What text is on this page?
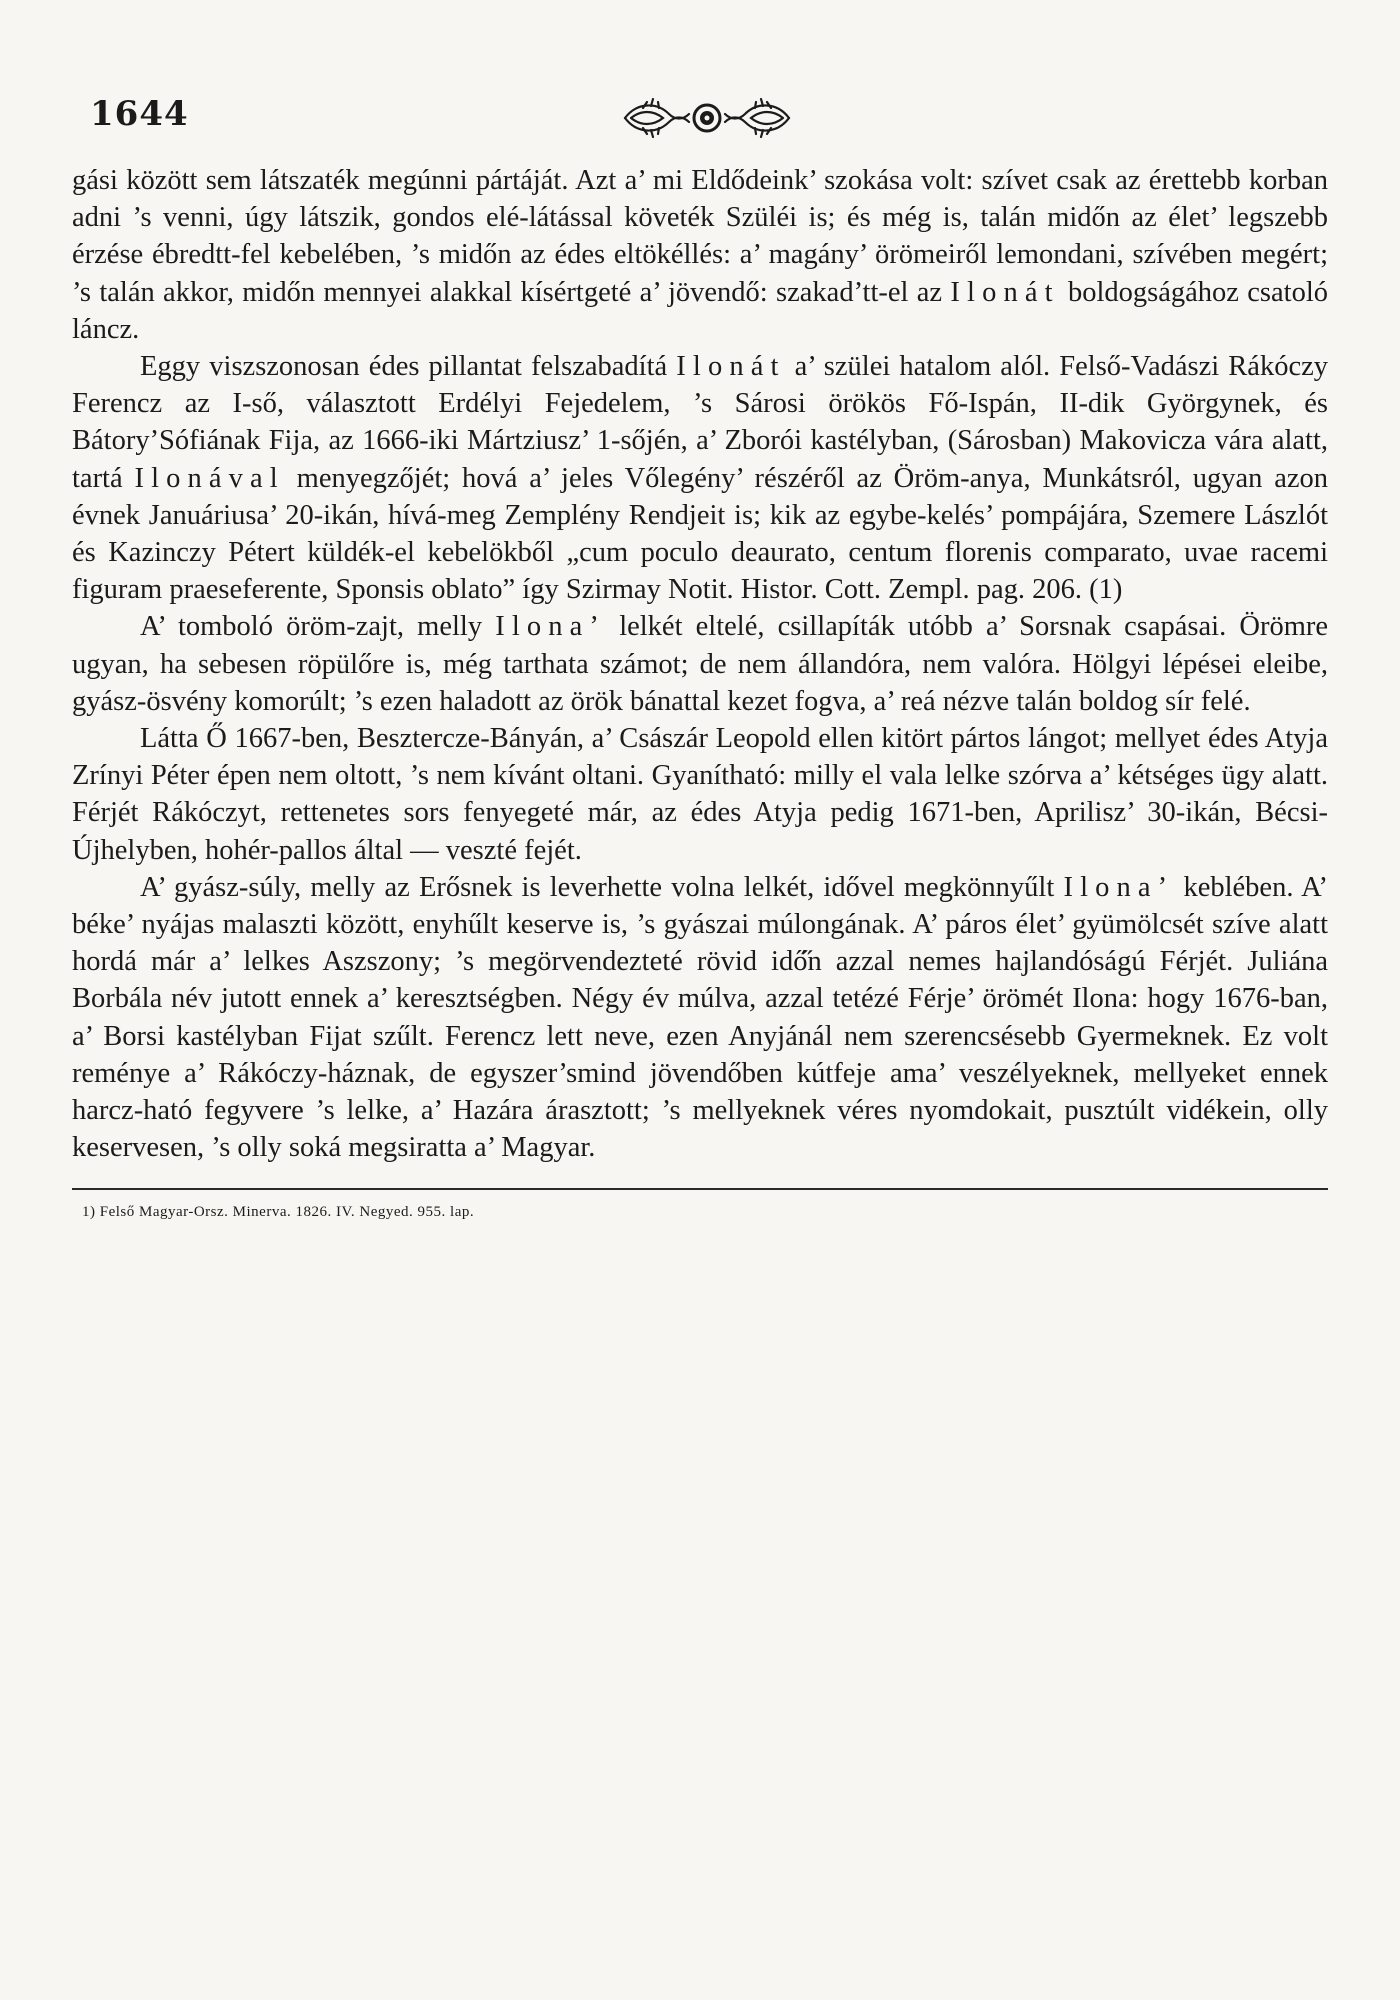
1644

gási között sem látszaték megúnni pártáját. Azt a’ mi Eldődeink’ szokása volt: szívet csak az érettebb korban adni ’s venni, úgy látszik, gondos elé-látással követék Szüléi is; és még is, talán midőn az élet’ legszebb érzése ébredtt-fel kebelében, ’s midőn az édes eltökéllés: a’ magány’ örömeiről lemondani, szívében megért; ’s talán akkor, midőn mennyei alakkal kísértgeté a’ jövendő: szakad’tt-el az Ilonát boldogságához csatoló láncz.

Eggy viszszonosan édes pillantat felszabadítá Ilonát a’ szülei hatalom alól. Felső-Vadászi Rákóczy Ferencz az I-ső, választott Erdélyi Fejedelem, ’s Sárosi örökös Fő-Ispán, II-dik Györgynek, és Bátory’Sófiának Fija, az 1666-iki Mártziusz’ 1-sőjén, a’ Zborói kastélyban, (Sárosban) Makovicza vára alatt, tartá Ilonával menyegzőjét; hová a’ jeles Vőlegény’ részéről az Öröm-anya, Munkátsról, ugyan azon évnek Januáriusa’ 20-ikán, hívá-meg Zemplény Rendjeit is; kik az egybe-kelés’ pompájára, Szemere Lászlót és Kazinczy Pétert küldék-el kebelökből „cum poculo deaurato, centum florenis comparato, uvae racemi figuram praeseferente, Sponsis oblato” így Szirmay Notit. Histor. Cott. Zempl. pag. 206. (1)

A’ tomboló öröm-zajt, melly Ilona’ lelkét eltelé, csillapíták utóbb a’ Sorsnak csapásai. Örömre ugyan, ha sebesen röpülőre is, még tarthata számot; de nem állandóra, nem valóra. Hölgyi lépései eleibe, gyász-ösvény komorúlt; ’s ezen haladott az örök bánattal kezet fogva, a’ reá nézve talán boldog sír felé.

Látta Ő 1667-ben, Besztercze-Bányán, a’ Császár Leopold ellen kitört pártos lángot; mellyet édes Atyja Zrínyi Péter épen nem oltott, ’s nem kívánt oltani. Gyanítható: milly el vala lelke szórva a’ kétséges ügy alatt. Férjét Rákóczyt, rettenetes sors fenyegeté már, az édes Atyja pedig 1671-ben, Aprilisz’ 30-ikán, Bécsi-Újhelyben, hohér-pallos által — veszté fejét.

A’ gyász-súly, melly az Erősnek is leverhette volna lelkét, idővel megkönnyűlt Ilona’ keblében. A’ béke’ nyájas malaszti között, enyhűlt keserve is, ’s gyászai múlongának. A’ páros élet’ gyümölcsét szíve alatt hordá már a’ lelkes Aszszony; ’s megörvendezteté rövid idő̋n azzal nemes hajlandóságú Férjét. Juliána Borbála név jutott ennek a’ keresztségben. Négy év múlva, azzal tetézé Férje’ örömét Ilona: hogy 1676-ban, a’ Borsi kastélyban Fijat szűlt. Ferencz lett neve, ezen Anyjánál nem szerencsésebb Gyermeknek. Ez volt reménye a’ Rákóczy-háznak, de egyszer’smind jövendőben kútfeje ama’ veszélyeknek, mellyeket ennek harcz-ható fegyvere ’s lelke, a’ Hazára árasztott; ’s mellyeknek véres nyomdokait, pusztúlt vidékein, olly keservesen, ’s olly soká megsiratta a’ Magyar.

1) Felső Magyar-Orsz. Minerva. 1826. IV. Negyed. 955. lap.
